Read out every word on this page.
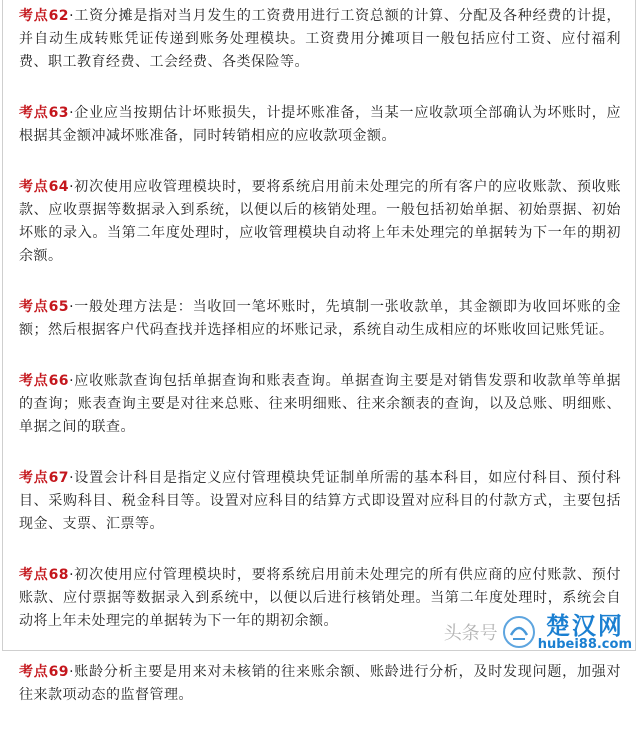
考点62·工资分摊是指对当月发生的工资费用进行工资总额的计算、分配及各种经费的计提，并自动生成转账凭证传递到账务处理模块。工资费用分摊项目一般包括应付工资、应付福利费、职工教育经费、工会经费、各类保险等。

考点63·企业应当按期估计坏账损失，计提坏账准备，当某一应收款项全部确认为坏账时，应根据其金额冲减坏账准备，同时转销相应的应收款项金额。

考点64·初次使用应收管理模块时，要将系统启用前未处理完的所有客户的应收账款、预收账款、应收票据等数据录入到系统，以便以后的核销处理。一般包括初始单据、初始票据、初始坏账的录入。当第二年度处理时，应收管理模块自动将上年未处理完的单据转为下一年的期初余额。

考点65·一般处理方法是：当收回一笔坏账时，先填制一张收款单，其金额即为收回坏账的金额；然后根据客户代码查找并选择相应的坏账记录，系统自动生成相应的坏账收回记账凭证。

考点66·应收账款查询包括单据查询和账表查询。单据查询主要是对销售发票和收款单等单据的查询；账表查询主要是对往来总账、往来明细账、往来余额表的查询，以及总账、明细账、单据之间的联查。

考点67·设置会计科目是指定义应付管理模块凭证制单所需的基本科目，如应付科目、预付科目、采购科目、税金科目等。设置对应科目的结算方式即设置对应科目的付款方式，主要包括现金、支票、汇票等。

考点68·初次使用应付管理模块时，要将系统启用前未处理完的所有供应商的应付账款、预付账款、应付票据等数据录入到系统中，以便以后进行核销处理。当第二年度处理时，系统会自动将上年未处理完的单据转为下一年的期初余额。

考点69·账龄分析主要是用来对未核销的往来账余额、账龄进行分析，及时发现问题，加强对往来款项动态的监督管理。

头条号 楚汉网
hubei88.com
